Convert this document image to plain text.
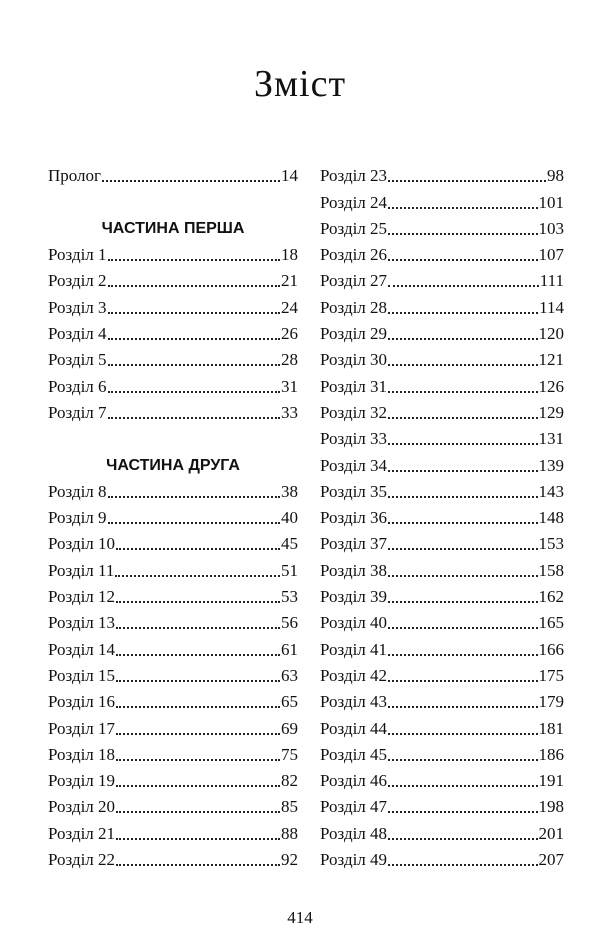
Зміст
Пролог	14
ЧАСТИНА ПЕРША
Розділ 1	18
Розділ 2	21
Розділ 3	24
Розділ 4	26
Розділ 5	28
Розділ 6	31
Розділ 7	33
ЧАСТИНА ДРУГА
Розділ 8	38
Розділ 9	40
Розділ 10	45
Розділ 11	51
Розділ 12	53
Розділ 13	56
Розділ 14	61
Розділ 15	63
Розділ 16	65
Розділ 17	69
Розділ 18	75
Розділ 19	82
Розділ 20	85
Розділ 21	88
Розділ 22	92
Розділ 23	98
Розділ 24	101
Розділ 25	103
Розділ 26	107
Розділ 27	111
Розділ 28	114
Розділ 29	120
Розділ 30	121
Розділ 31	126
Розділ 32	129
Розділ 33	131
Розділ 34	139
Розділ 35	143
Розділ 36	148
Розділ 37	153
Розділ 38	158
Розділ 39	162
Розділ 40	165
Розділ 41	166
Розділ 42	175
Розділ 43	179
Розділ 44	181
Розділ 45	186
Розділ 46	191
Розділ 47	198
Розділ 48	201
Розділ 49	207
414
